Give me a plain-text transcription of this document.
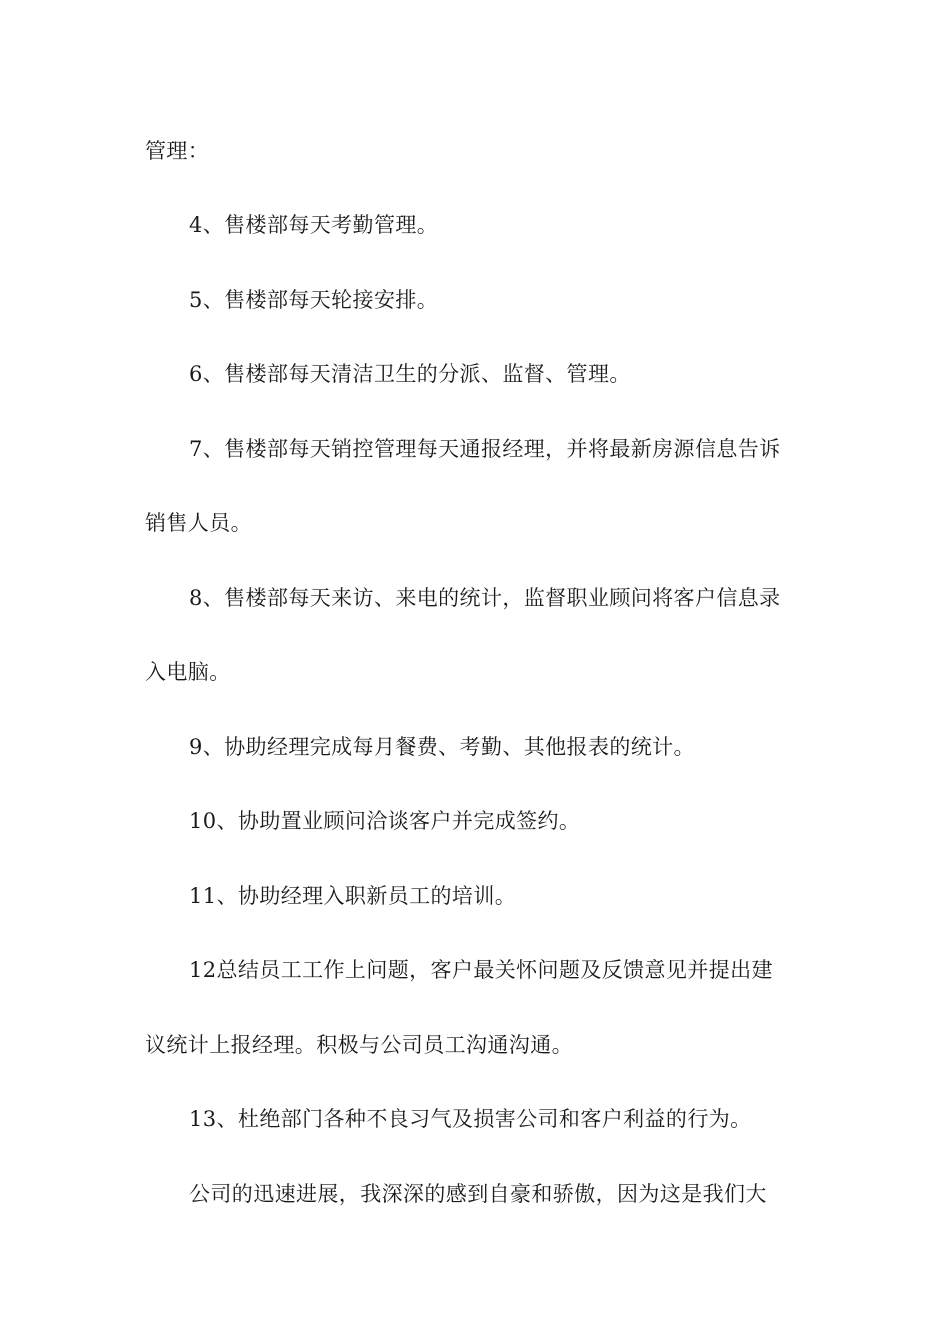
管理：
4、售楼部每天考勤管理。
5、售楼部每天轮接安排。
6、售楼部每天清洁卫生的分派、监督、管理。
7、售楼部每天销控管理每天通报经理，并将最新房源信息告诉
销售人员。
8、售楼部每天来访、来电的统计，监督职业顾问将客户信息录
入电脑。
9、协助经理完成每月餐费、考勤、其他报表的统计。
10、协助置业顾问洽谈客户并完成签约。
11、协助经理入职新员工的培训。
12总结员工工作上问题，客户最关怀问题及反馈意见并提出建
议统计上报经理。积极与公司员工沟通沟通。
13、杜绝部门各种不良习气及损害公司和客户利益的行为。
公司的迅速进展，我深深的感到自豪和骄傲，因为这是我们大
